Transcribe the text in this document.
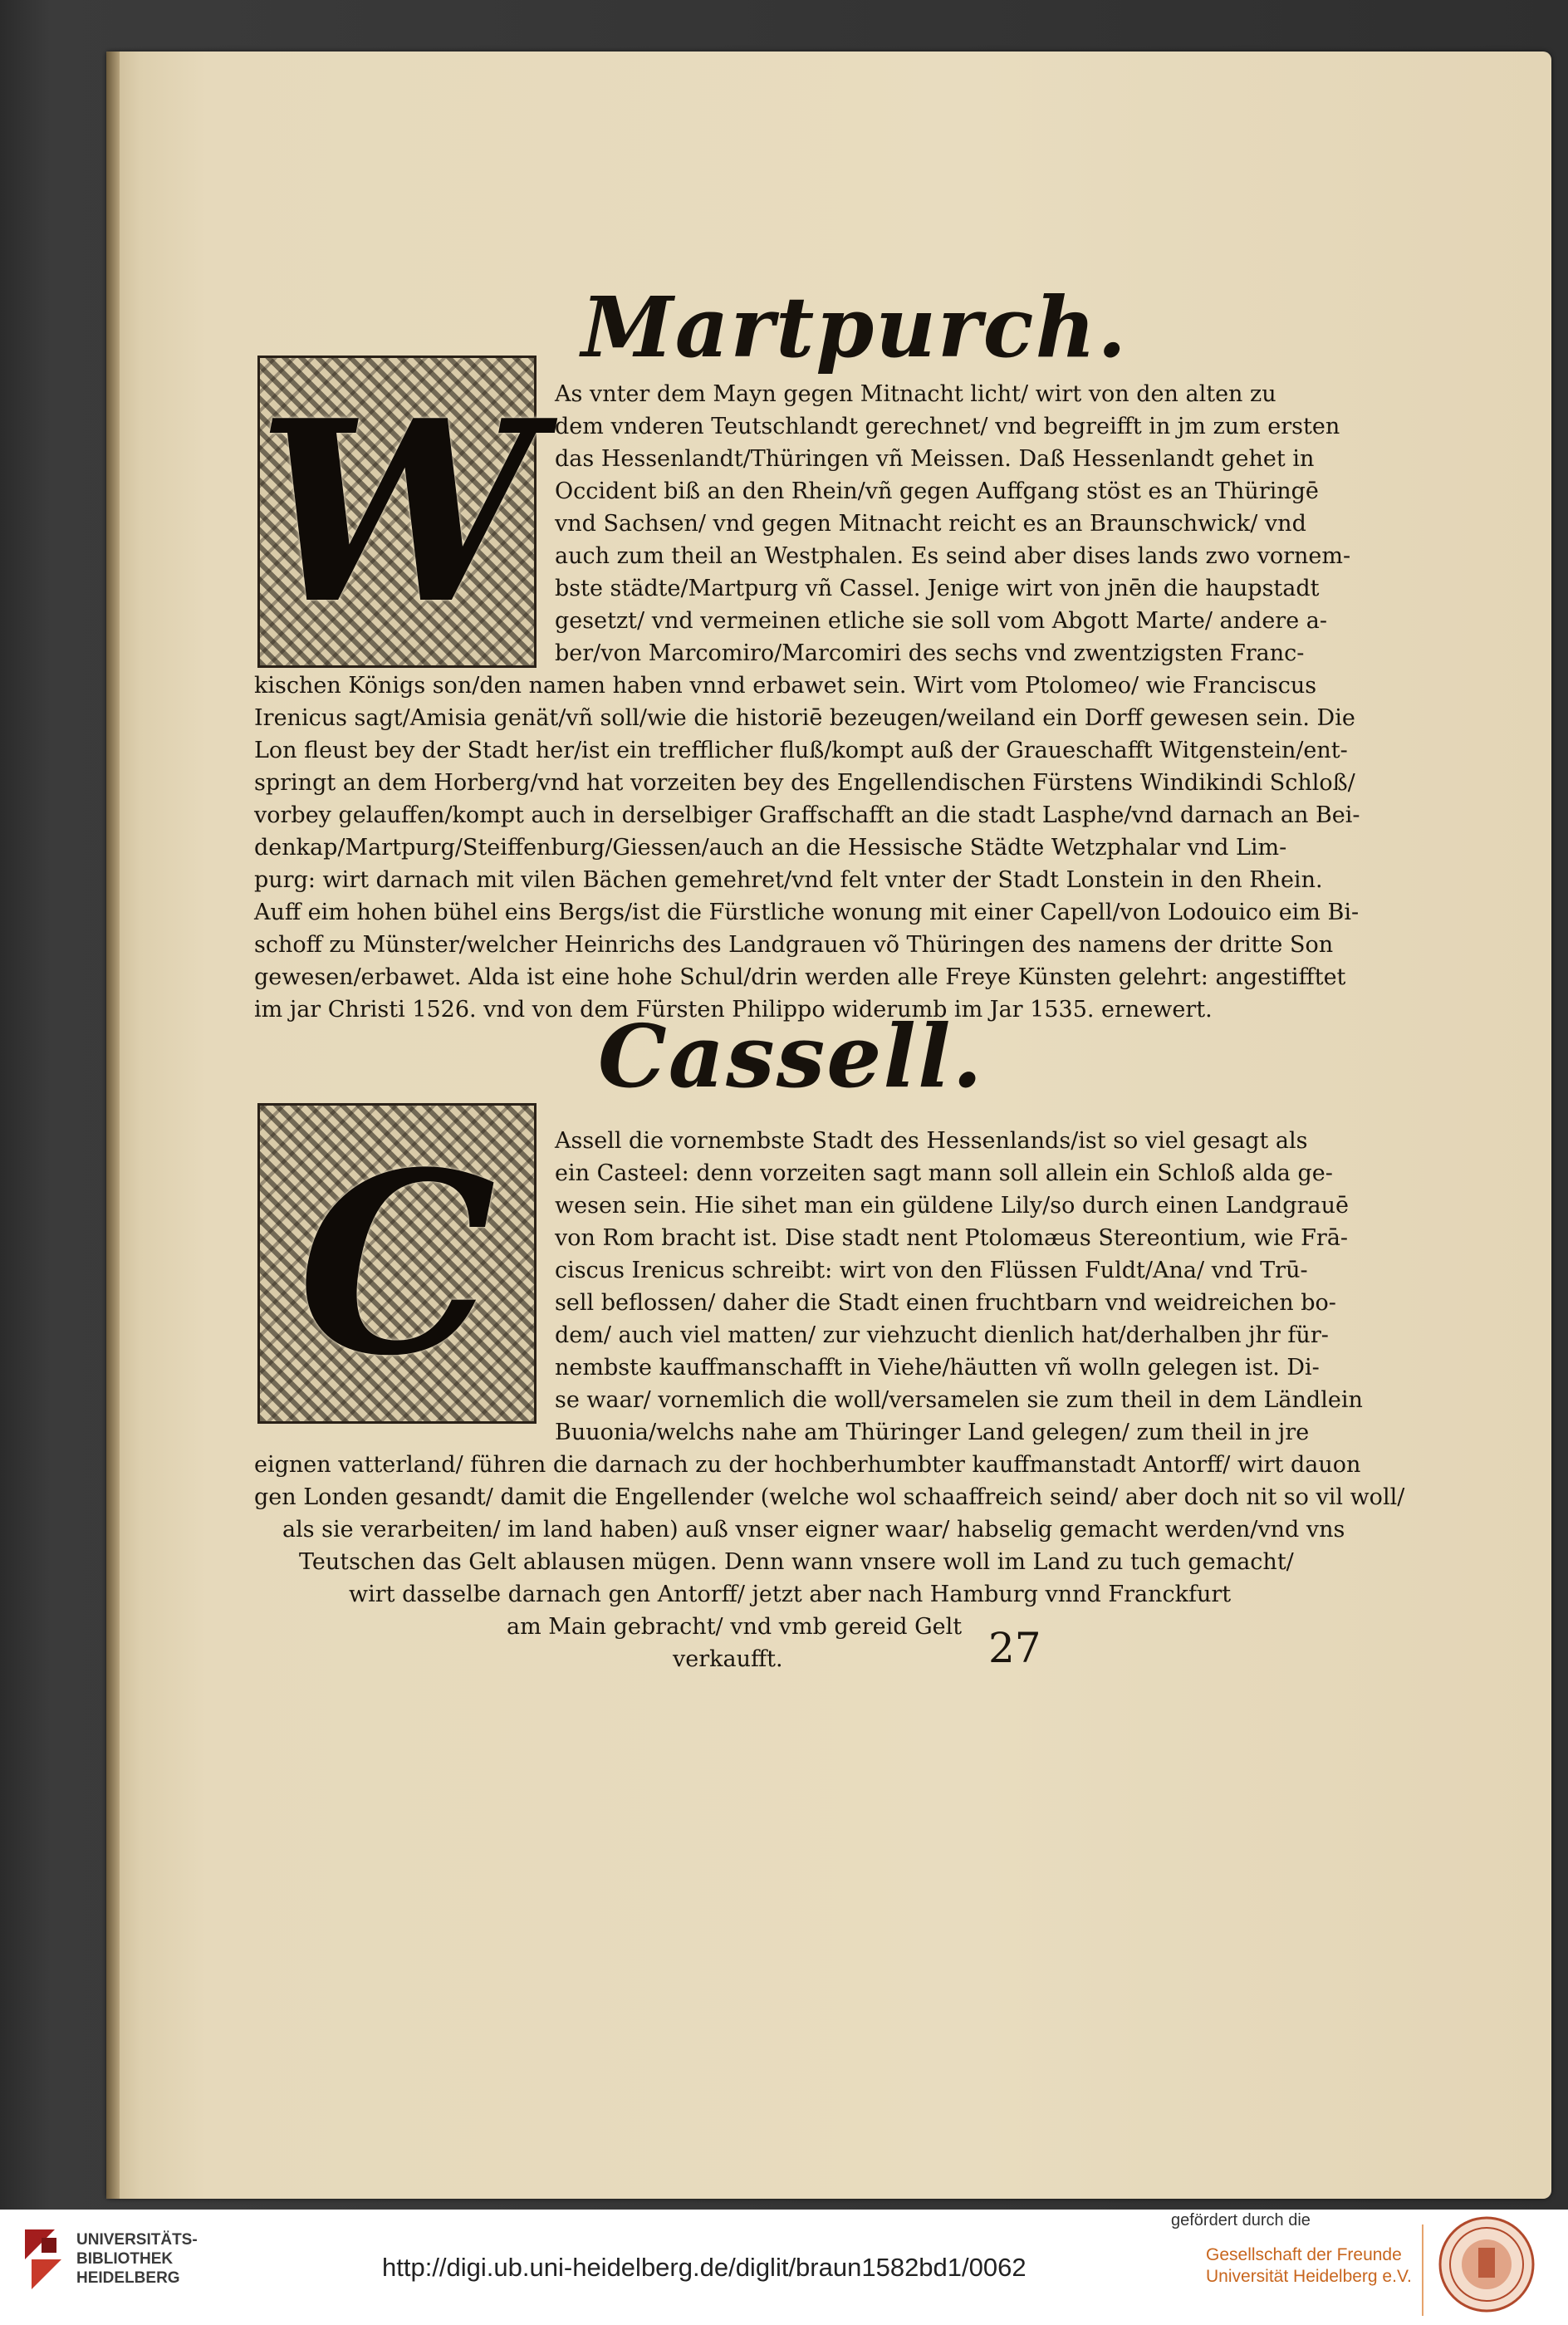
Martpurch.
W As vnter dem Mayn gegen Mitnacht licht/ wirt von den alten zu
dem vnderen Teutschlandt gerechnet/ vnd begreifft in jm zum ersten
das Hessenlandt/Thüringen vñ Meissen. Daß Hessenlandt gehet in
Occident biß an den Rhein/vñ gegen Auffgang stöst es an Thüringē
vnd Sachsen/ vnd gegen Mitnacht reicht es an Braunschwick/ vnd
auch zum theil an Westphalen. Es seind aber dises lands zwo vornem-
bste städte/Martpurg vñ Cassel. Jenige wirt von jnēn die haupstadt
gesetzt/ vnd vermeinen etliche sie soll vom Abgott Marte/ andere a-
ber/von Marcomiro/Marcomiri des sechs vnd zwentzigsten Franc-
kischen Königs son/den namen haben vnnd erbawet sein. Wirt vom Ptolomeo/ wie Franciscus
Irenicus sagt/Amisia genät/vñ soll/wie die historiē bezeugen/weiland ein Dorff gewesen sein. Die
Lon fleust bey der Stadt her/ist ein trefflicher fluß/kompt auß der Graueschafft Witgenstein/ent-
springt an dem Horberg/vnd hat vorzeiten bey des Engellendischen Fürstens Windikindi Schloß/
vorbey gelauffen/kompt auch in derselbiger Graffschafft an die stadt Lasphe/vnd darnach an Bei-
denkap/Martpurg/Steiffenburg/Giessen/auch an die Hessische Städte Wetzphalar vnd Lim-
purg: wirt darnach mit vilen Bächen gemehret/vnd felt vnter der Stadt Lonstein in den Rhein.
Auff eim hohen bühel eins Bergs/ist die Fürstliche wonung mit einer Capell/von Lodouico eim Bi-
schoff zu Münster/welcher Heinrichs des Landgrauen võ Thüringen des namens der dritte Son
gewesen/erbawet. Alda ist eine hohe Schul/drin werden alle Freye Künsten gelehrt: angestifftet
im jar Christi 1526. vnd von dem Fürsten Philippo widerumb im Jar 1535. ernewert.
Cassell.
C	Assell die vornembste Stadt des Hessenlands/ist so viel gesagt als
ein Casteel: denn vorzeiten sagt mann soll allein ein Schloß alda ge-
wesen sein. Hie sihet man ein güldene Lily/so durch einen Landgrauē
von Rom bracht ist. Dise stadt nent Ptolomæus Stereontium, wie Frā-
ciscus Irenicus schreibt: wirt von den Flüssen Fuldt/Ana/ vnd Trū-
sell beflossen/ daher die Stadt einen fruchtbarn vnd weidreichen bo-
dem/ auch viel matten/ zur viehzucht dienlich hat/derhalben jhr für-
nembste kauffmanschafft in Viehe/häutten vñ wolln gelegen ist. Di-
se waar/ vornemlich die woll/versamelen sie zum theil in dem Ländlein
Buuonia/welchs nahe am Thüringer Land gelegen/ zum theil in jre
eignen vatterland/ führen die darnach zu der hochberhumbter kauffmanstadt Antorff/ wirt dauon
gen Londen gesandt/ damit die Engellender (welche wol schaaffreich seind/ aber doch nit so vil woll/
als sie verarbeiten/ im land haben) auß vnser eigner waar/ habselig gemacht werden/vnd vns
Teutschen das Gelt ablausen mügen. Denn wann vnsere woll im Land zu tuch gemacht/
wirt dasselbe darnach gen Antorff/ jetzt aber nach Hamburg vnnd Franckfurt
am Main gebracht/ vnd vmb gereid Gelt
verkaufft.	27
UNIVERSITÄTS-
BIBLIOTHEK
HEIDELBERG	http://digi.ub.uni-heidelberg.de/diglit/braun1582bd1/0062
gefördert durch die
Gesellschaft der Freunde
Universität Heidelberg e.V.
